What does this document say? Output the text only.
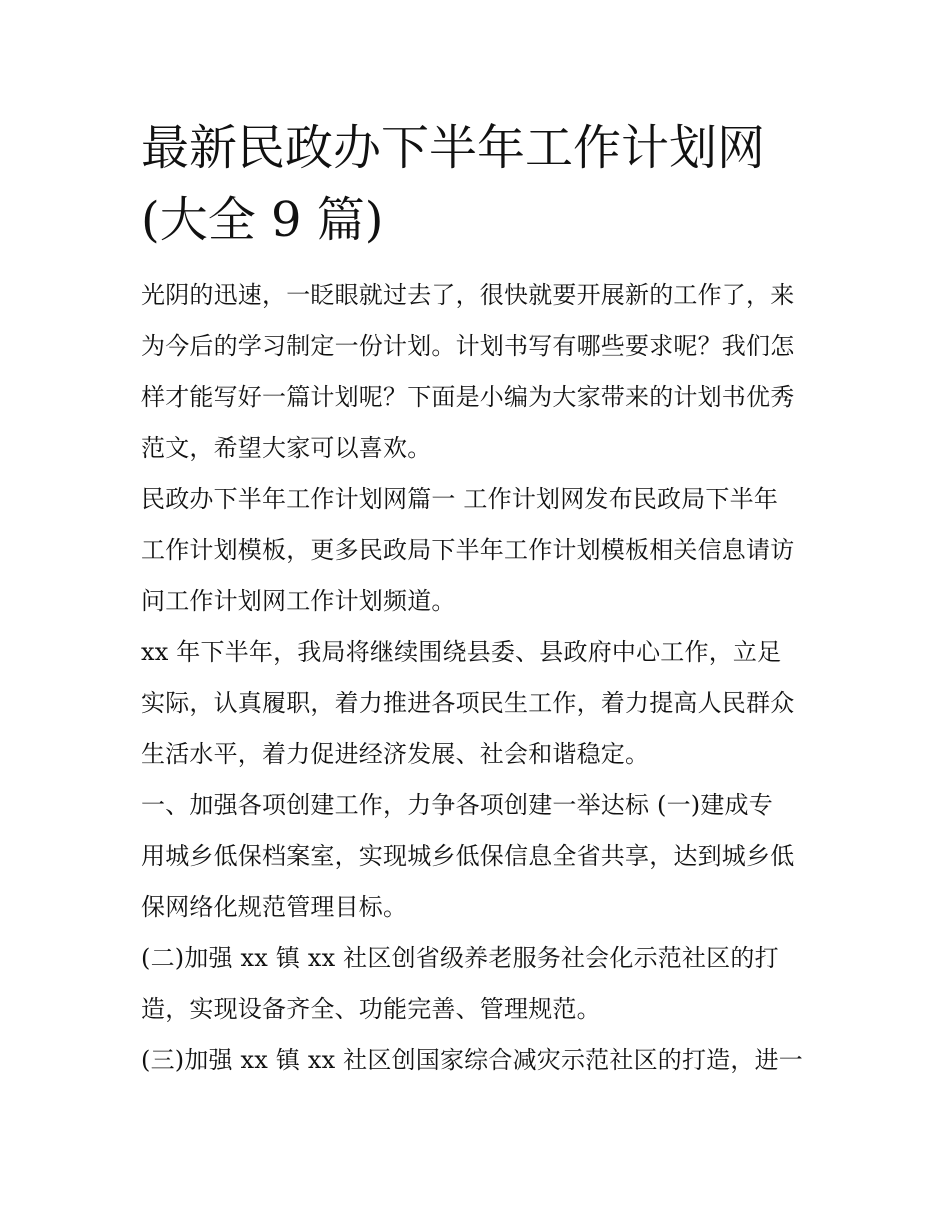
最新民政办下半年工作计划网
(大全 9 篇)
光阴的迅速，一眨眼就过去了，很快就要开展新的工作了，来
为今后的学习制定一份计划。计划书写有哪些要求呢？我们怎
样才能写好一篇计划呢？下面是小编为大家带来的计划书优秀
范文，希望大家可以喜欢。
民政办下半年工作计划网篇一 工作计划网发布民政局下半年
工作计划模板，更多民政局下半年工作计划模板相关信息请访
问工作计划网工作计划频道。
xx 年下半年，我局将继续围绕县委、县政府中心工作，立足
实际，认真履职，着力推进各项民生工作，着力提高人民群众
生活水平，着力促进经济发展、社会和谐稳定。
一、加强各项创建工作，力争各项创建一举达标 (一)建成专
用城乡低保档案室，实现城乡低保信息全省共享，达到城乡低
保网络化规范管理目标。
(二)加强 xx 镇 xx 社区创省级养老服务社会化示范社区的打
造，实现设备齐全、功能完善、管理规范。
(三)加强 xx 镇 xx 社区创国家综合减灾示范社区的打造，进一
